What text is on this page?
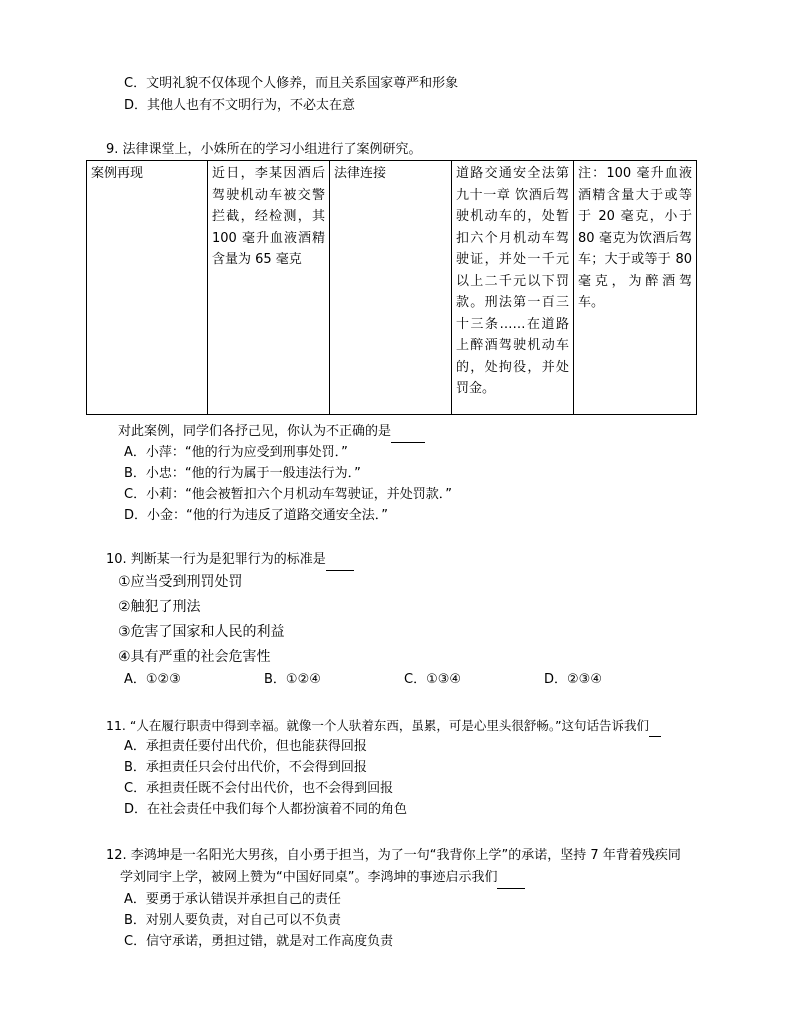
C．文明礼貌不仅体现个人修养，而且关系国家尊严和形象
D．其他人也有不文明行为，不必太在意
9. 法律课堂上，小姝所在的学习小组进行了案例研究。
案例再现	近日，李某因酒后驾驶机动车被交警拦截，经检测，其 100 毫升血液酒精含量为 65 毫克	法律连接	道路交通安全法第九十一章 饮酒后驾驶机动车的，处暂扣六个月机动车驾驶证，并处一千元以上二千元以下罚款。刑法第一百三十三条……在道路上醉酒驾驶机动车的，处拘役，并处罚金。	注：100 毫升血液酒精含量大于或等于 20 毫克，小于 80 毫克为饮酒后驾车；大于或等于 80 毫克，为醉酒驾车。
对此案例，同学们各抒己见，你认为不正确的是
A．小萍：“他的行为应受到刑事处罚．”
B．小忠：“他的行为属于一般违法行为．”
C．小莉：“他会被暂扣六个月机动车驾驶证，并处罚款．”
D．小金：“他的行为违反了道路交通安全法．”
10. 判断某一行为是犯罪行为的标准是
①应当受到刑罚处罚
②触犯了刑法
③危害了国家和人民的利益
④具有严重的社会危害性
A．①②③	B．①②④	C．①③④	D．②③④
11. “人在履行职责中得到幸福。就像一个人驮着东西，虽累，可是心里头很舒畅。”这句话告诉我们
A．承担责任要付出代价，但也能获得回报
B．承担责任只会付出代价，不会得到回报
C．承担责任既不会付出代价，也不会得到回报
D．在社会责任中我们每个人都扮演着不同的角色
12. 李鸿坤是一名阳光大男孩，自小勇于担当，为了一句“我背你上学”的承诺，坚持 7 年背着残疾同
学刘同宇上学，被网上赞为“中国好同桌”。李鸿坤的事迹启示我们
A．要勇于承认错误并承担自己的责任
B．对别人要负责，对自己可以不负责
C．信守承诺，勇担过错，就是对工作高度负责
